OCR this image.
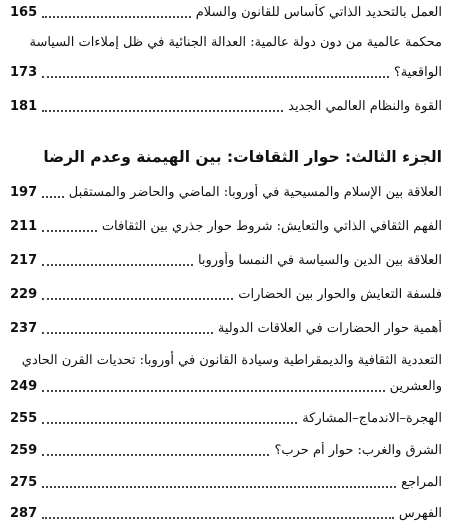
العمل بالتحديد الذاتي كأساس للقانون والسلام
165
محكمة عالمية من دون دولة عالمية: العدالة الجنائية في ظل إملاءات السياسة
الواقعية؟
173
القوة والنظام العالمي الجديد
181
الجزء الثالث: حوار الثقافات: بين الهيمنة وعدم الرضا
العلاقة بين الإسلام والمسيحية في أوروبا: الماضي والحاضر والمستقبل
197
الفهم الثقافي الذاتي والتعايش: شروط حوار جذري بين الثقافات
211
العلاقة بين الدين والسياسة في النمسا وأوروبا
217
فلسفة التعايش والحوار بين الحضارات
229
أهمية حوار الحضارات في العلاقات الدولية
237
التعددية الثقافية والديمقراطية وسيادة القانون في أوروبا: تحديات القرن الحادي
والعشرين
249
الهجرة–الاندماج–المشاركة
255
الشرق والغرب: حوار أم حرب؟
259
المراجع
275
الفهرس
287
